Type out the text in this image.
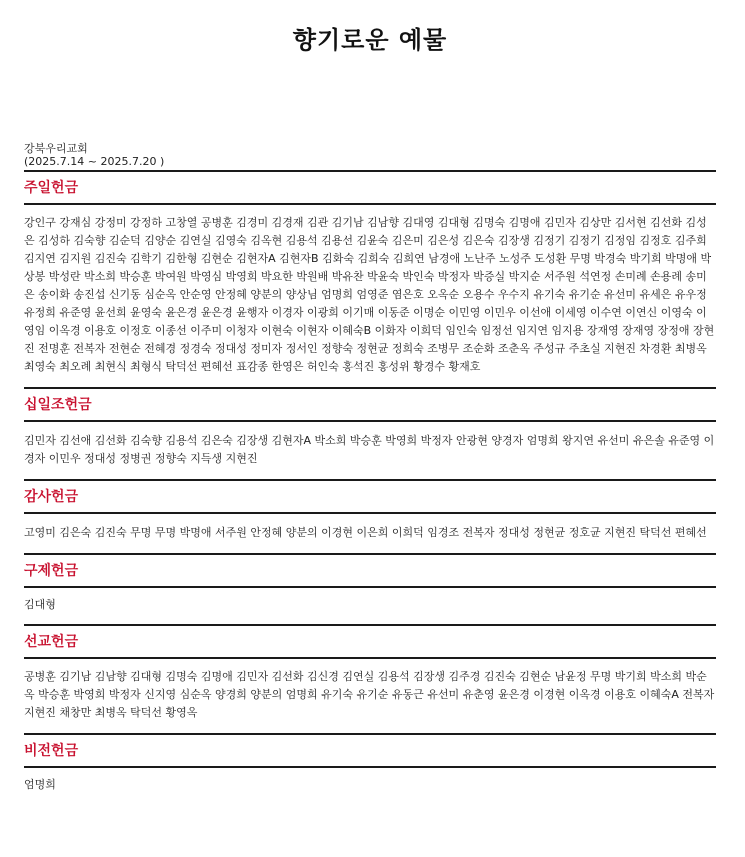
향기로운 예물
강북우리교회
(2025.7.14 ~ 2025.7.20 )
주일헌금
강인구 강재심 강정미 강정하 고창열 공병훈 김경미 김경재 김관 김기남 김남향 김대영 김대형 김명숙 김명애 김민자 김상만 김서현 김선화 김성은 김성하 김숙향 김순덕 김양순 김연실 김영숙 김옥현 김용석 김용선 김윤숙 김은미 김은성 김은숙 김장생 김정기 김정기 김정임 김정호 김주희 김지연 김지원 김진숙 김학기 김한형 김현순 김현자A 김현자B 김화숙 김희숙 김희연 남경애 노난주 노성주 도성환 무명 박경숙 박기희 박명애 박상봉 박성란 박소희 박승훈 박여원 박영심 박영희 박요한 박원배 박유찬 박윤숙 박인숙 박정자 박증실 박지순 서주원 석연정 손미례 손용례 송미은 송이화 송진섭 신기동 심순옥 안순영 안정혜 양분의 양상님 엄명희 엄영준 염은호 오옥순 오용수 우수지 유기숙 유기순 유선미 유세은 유우정 유정희 유준영 윤선희 윤영숙 윤은경 윤은경 윤행자 이경자 이광희 이기매 이동준 이명순 이민영 이민우 이선애 이세영 이수연 이연신 이영숙 이영임 이옥경 이용호 이정호 이종선 이주미 이청자 이현숙 이현자 이혜숙B 이화자 이희덕 임인숙 임정선 임지연 임지용 장재영 장재영 장정애 장현진 전명훈 전복자 전현순 전혜경 정경숙 정대성 정미자 정서인 정향숙 정현균 정희숙 조병무 조순화 조춘옥 주성규 주초실 지현진 차경환 최병옥 최영숙 최오례 최현식 최형식 탁덕선 편혜선 표감종 한영은 허인숙 홍석진 홍성위 황경수 황재호
십일조헌금
김민자 김선애 김선화 김숙향 김용석 김은숙 김장생 김현자A 박소희 박승훈 박영희 박정자 안광현 양경자 엄명희 왕지연 유선미 유은솔 유준영 이경자 이민우 정대성 정병권 정향숙 지득생 지현진
감사헌금
고영미 김은숙 김진숙 무명 무명 박명애 서주원 안정혜 양분의 이경현 이은희 이희덕 임경조 전복자 정대성 정현균 정호균 지현진 탁덕선 편혜선
구제헌금
김대형
선교헌금
공병훈 김기남 김남향 김대형 김명숙 김명애 김민자 김선화 김신경 김연실 김용석 김장생 김주경 김진숙 김현순 남윤정 무명 박기희 박소희 박순옥 박승훈 박영희 박정자 신지영 심순옥 양경희 양분의 엄명희 유기숙 유기순 유동근 유선미 유춘영 윤은경 이경현 이옥경 이용호 이혜숙A 전복자 지현진 채창만 최병옥 탁덕선 황영옥
비전헌금
엄명희
